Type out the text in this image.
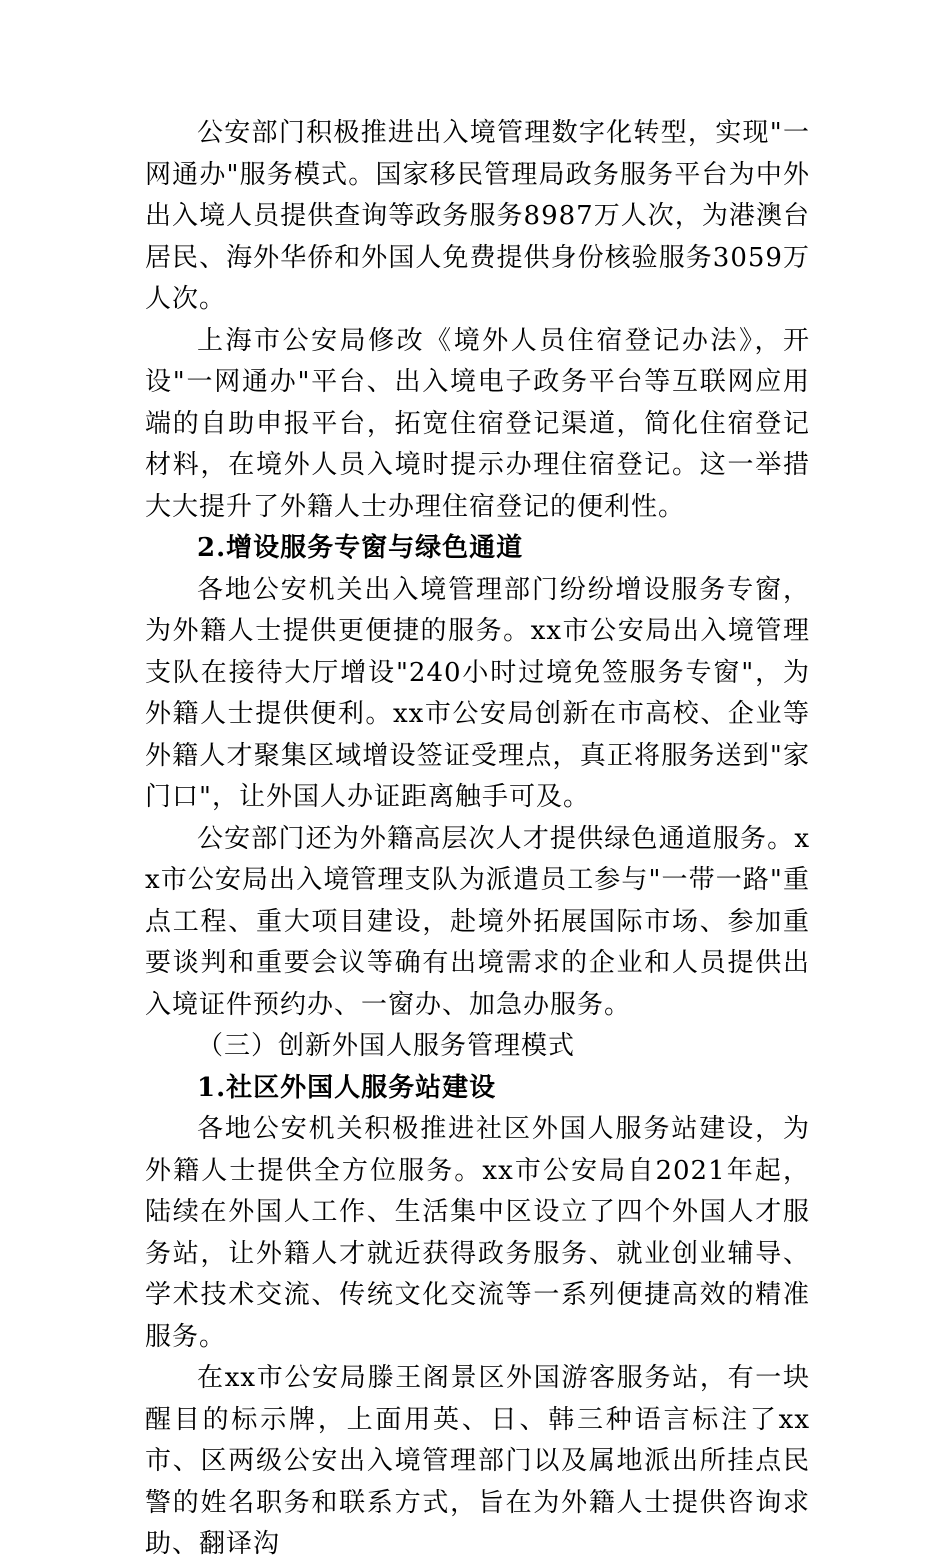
公安部门积极推进出入境管理数字化转型，实现"一网通办"服务模式。国家移民管理局政务服务平台为中外出入境人员提供查询等政务服务8987万人次，为港澳台居民、海外华侨和外国人免费提供身份核验服务3059万人次。

上海市公安局修改《境外人员住宿登记办法》，开设"一网通办"平台、出入境电子政务平台等互联网应用端的自助申报平台，拓宽住宿登记渠道，简化住宿登记材料，在境外人员入境时提示办理住宿登记。这一举措大大提升了外籍人士办理住宿登记的便利性。

2.增设服务专窗与绿色通道

各地公安机关出入境管理部门纷纷增设服务专窗，为外籍人士提供更便捷的服务。xx市公安局出入境管理支队在接待大厅增设"240小时过境免签服务专窗"，为外籍人士提供便利。xx市公安局创新在市高校、企业等外籍人才聚集区域增设签证受理点，真正将服务送到"家门口"，让外国人办证距离触手可及。

公安部门还为外籍高层次人才提供绿色通道服务。xx市公安局出入境管理支队为派遣员工参与"一带一路"重点工程、重大项目建设，赴境外拓展国际市场、参加重要谈判和重要会议等确有出境需求的企业和人员提供出入境证件预约办、一窗办、加急办服务。

（三）创新外国人服务管理模式

1.社区外国人服务站建设

各地公安机关积极推进社区外国人服务站建设，为外籍人士提供全方位服务。xx市公安局自2021年起，陆续在外国人工作、生活集中区设立了四个外国人才服务站，让外籍人才就近获得政务服务、就业创业辅导、学术技术交流、传统文化交流等一系列便捷高效的精准服务。

在xx市公安局滕王阁景区外国游客服务站，有一块醒目的标示牌，上面用英、日、韩三种语言标注了xx市、区两级公安出入境管理部门以及属地派出所挂点民警的姓名职务和联系方式，旨在为外籍人士提供咨询求助、翻译沟
